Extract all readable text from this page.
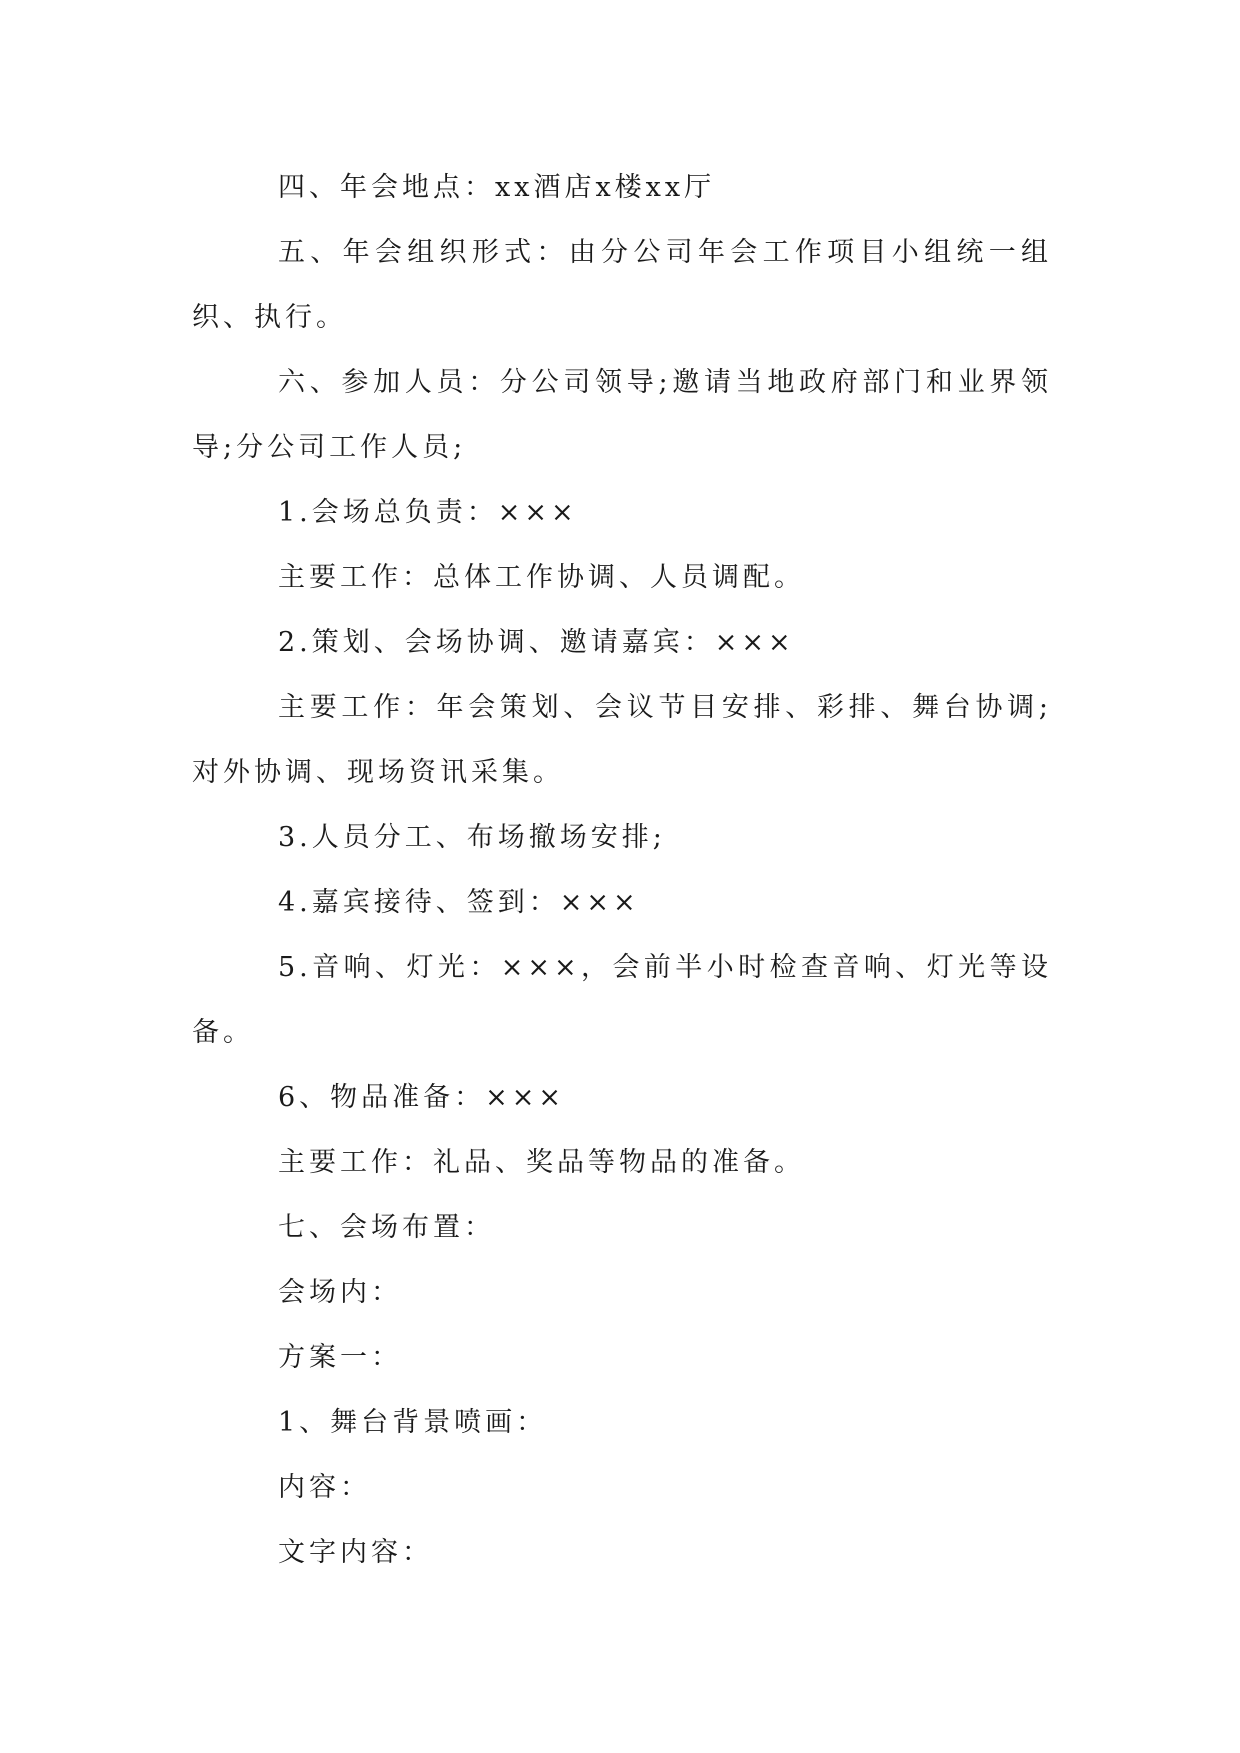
四、年会地点：xx酒店x楼xx厅

五、年会组织形式：由分公司年会工作项目小组统一组织、执行。

六、参加人员：分公司领导;邀请当地政府部门和业界领导;分公司工作人员;

1.会场总负责：×××

主要工作：总体工作协调、人员调配。

2.策划、会场协调、邀请嘉宾：×××

主要工作：年会策划、会议节目安排、彩排、舞台协调;对外协调、现场资讯采集。

3.人员分工、布场撤场安排;

4.嘉宾接待、签到：×××

5.音响、灯光：×××，会前半小时检查音响、灯光等设备。

6、物品准备：×××

主要工作：礼品、奖品等物品的准备。

七、会场布置：

会场内：

方案一：

1、舞台背景喷画：

内容：

文字内容：
